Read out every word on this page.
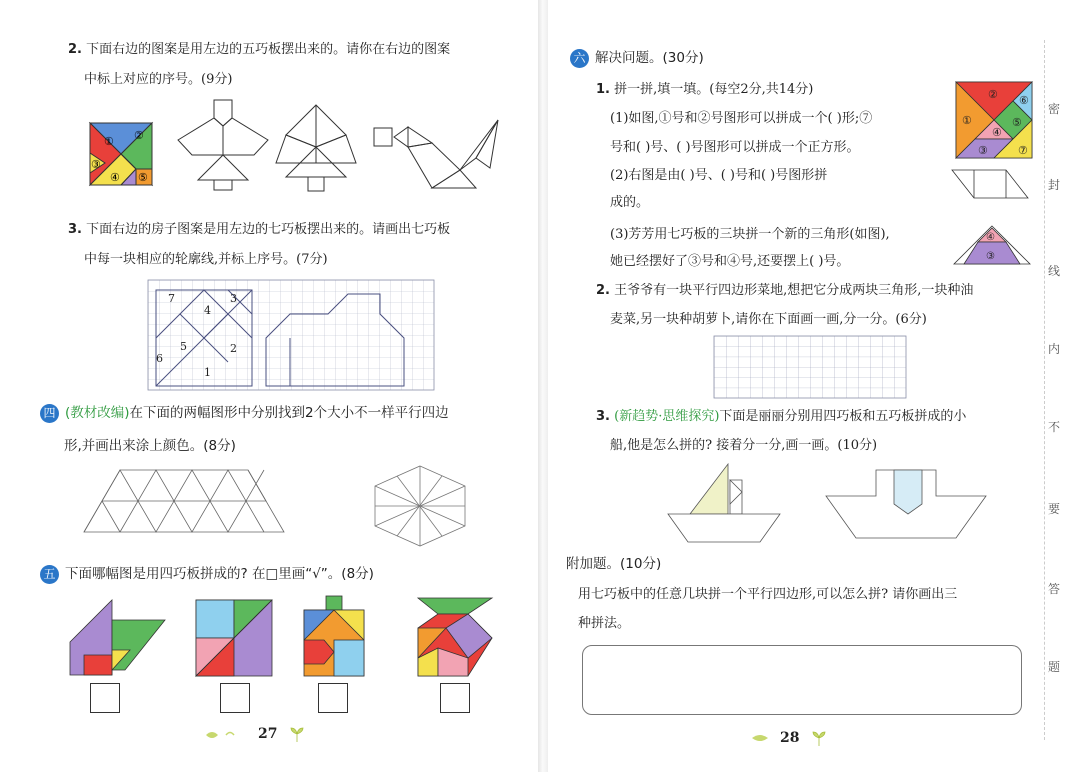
2. 下面右边的图案是用左边的五巧板摆出来的。请你在右边的图案
中标上对应的序号。(9分)
① ②
③
④ ⑤
3. 下面右边的房子图案是用左边的七巧板摆出来的。请画出七巧板
中每一块相应的轮廓线,并标上序号。(7分)
7
4
3
5	2
6
1
四 (教材改编)在下面的两幅图形中分别找到2个大小不一样平行四边
形,并画出来涂上颜色。(8分)
五 下面哪幅图是用四巧板拼成的? 在□里画“√”。(8分)
27
六 解决问题。(30分)
1. 拼一拼,填一填。(每空2分,共14分)
(1)如图,①号和②号图形可以拼成一个( )形;⑦
号和( )号、( )号图形可以拼成一个正方形。
(2)右图是由( )号、( )号和( )号图形拼
成的。
(3)芳芳用七巧板的三块拼一个新的三角形(如图),
她已经摆好了③号和④号,还要摆上( )号。
② ⑥
①	⑤
④
③	⑦
④
③
2. 王爷爷有一块平行四边形菜地,想把它分成两块三角形,一块种油
麦菜,另一块种胡萝卜,请你在下面画一画,分一分。(6分)
3. (新趋势·思维探究)下面是丽丽分别用四巧板和五巧板拼成的小
船,他是怎么拼的? 接着分一分,画一画。(10分)
附加题。(10分)
用七巧板中的任意几块拼一个平行四边形,可以怎么拼? 请你画出三
种拼法。
密
封
线
内
不
要
答
题
28
